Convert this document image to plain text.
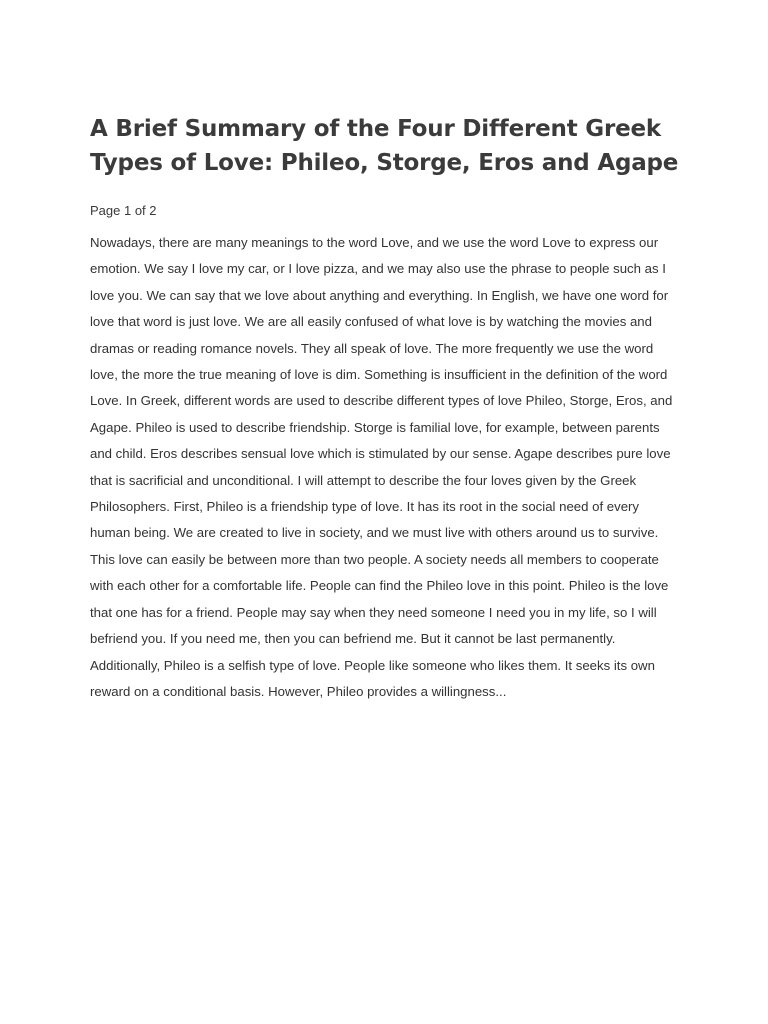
A Brief Summary of the Four Different Greek Types of Love: Phileo, Storge, Eros and Agape
Page 1 of 2

Nowadays, there are many meanings to the word Love, and we use the word Love to express our emotion. We say I love my car, or I love pizza, and we may also use the phrase to people such as I love you. We can say that we love about anything and everything. In English, we have one word for love that word is just love. We are all easily confused of what love is by watching the movies and dramas or reading romance novels. They all speak of love. The more frequently we use the word love, the more the true meaning of love is dim. Something is insufficient in the definition of the word Love. In Greek, different words are used to describe different types of love Phileo, Storge, Eros, and Agape. Phileo is used to describe friendship. Storge is familial love, for example, between parents and child. Eros describes sensual love which is stimulated by our sense. Agape describes pure love that is sacrificial and unconditional. I will attempt to describe the four loves given by the Greek Philosophers. First, Phileo is a friendship type of love. It has its root in the social need of every human being. We are created to live in society, and we must live with others around us to survive. This love can easily be between more than two people. A society needs all members to cooperate with each other for a comfortable life. People can find the Phileo love in this point. Phileo is the love that one has for a friend. People may say when they need someone I need you in my life, so I will befriend you. If you need me, then you can befriend me. But it cannot be last permanently. Additionally, Phileo is a selfish type of love. People like someone who likes them. It seeks its own reward on a conditional basis. However, Phileo provides a willingness...
